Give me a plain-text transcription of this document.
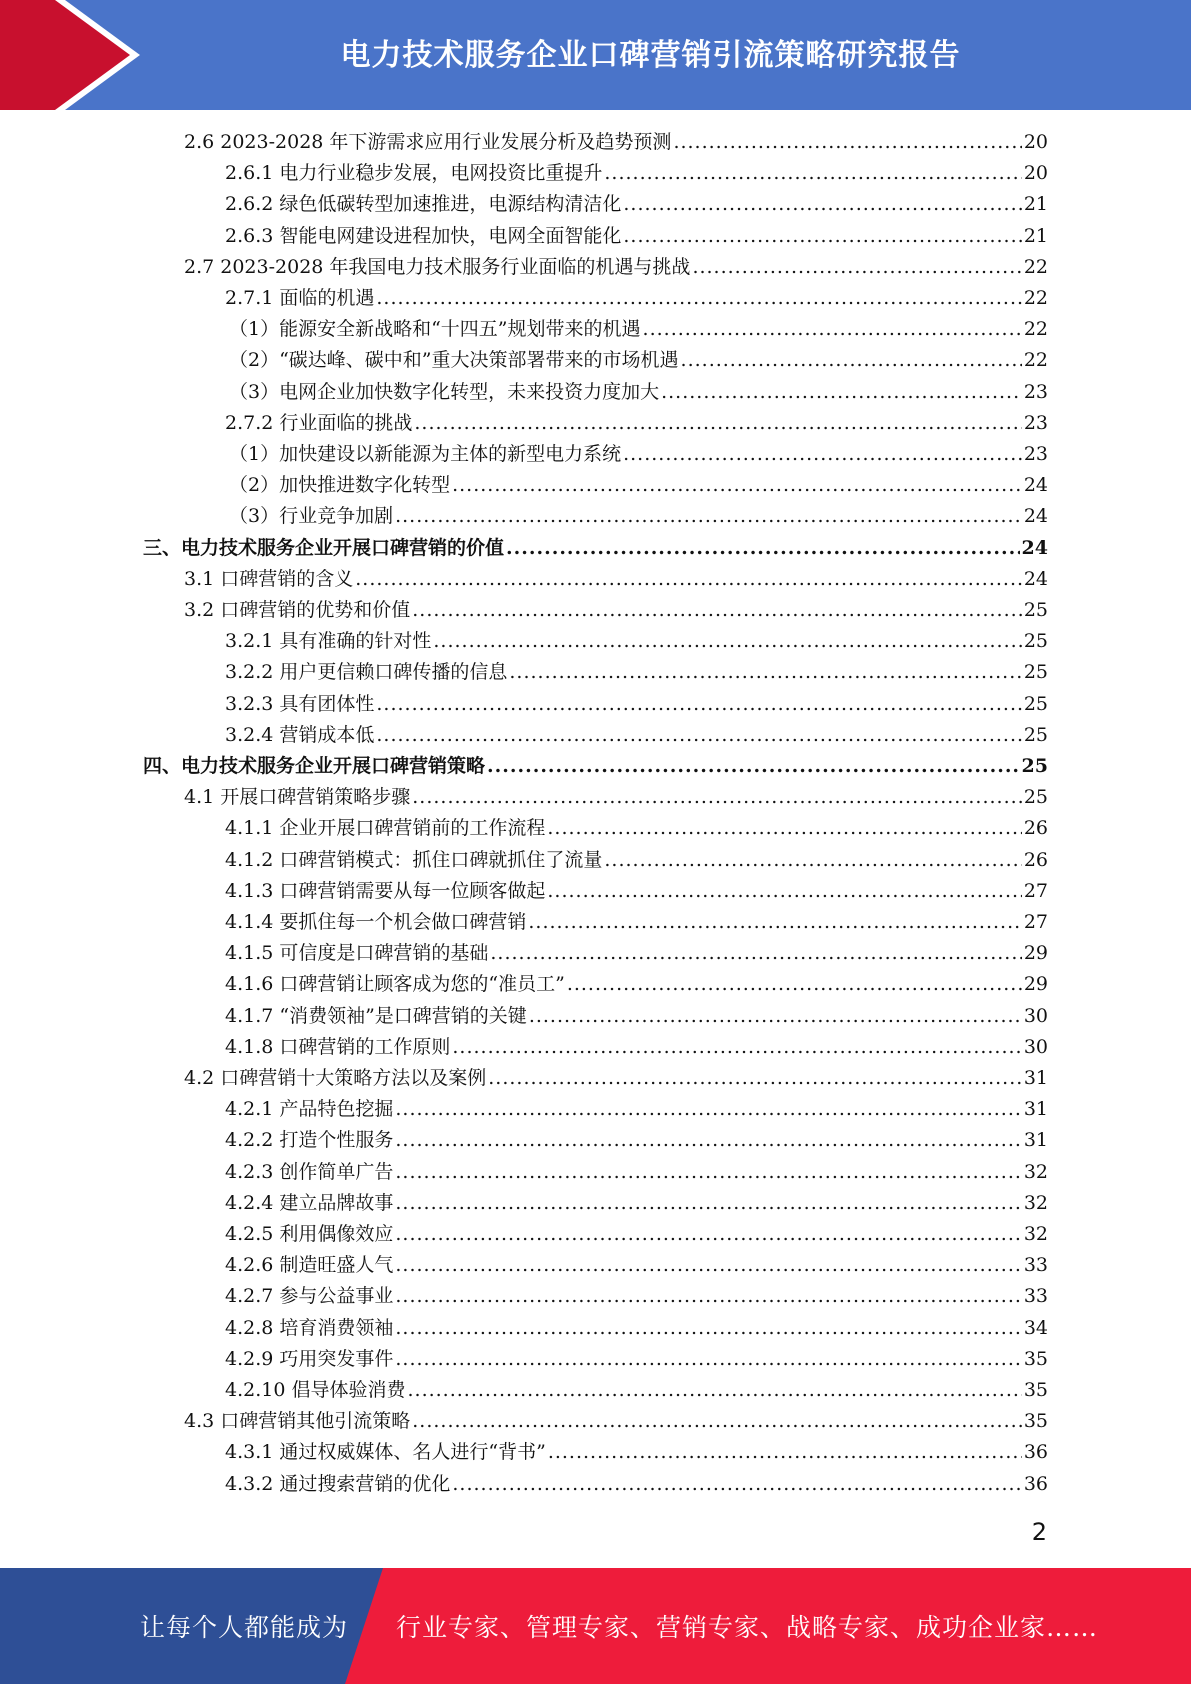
电力技术服务企业口碑营销引流策略研究报告
2.6 2023-2028 年下游需求应用行业发展分析及趋势预测 .....	20
2.6.1 电力行业稳步发展，电网投资比重提升 .....	20
2.6.2 绿色低碳转型加速推进，电源结构清洁化 .....	21
2.6.3 智能电网建设进程加快，电网全面智能化 .....	21
2.7 2023-2028 年我国电力技术服务行业面临的机遇与挑战 .....	22
2.7.1 面临的机遇 .....	22
（1）能源安全新战略和“十四五”规划带来的机遇 .....	22
（2）“碳达峰、碳中和”重大决策部署带来的市场机遇 .....	22
（3）电网企业加快数字化转型，未来投资力度加大 .....	23
2.7.2 行业面临的挑战 .....	23
（1）加快建设以新能源为主体的新型电力系统 .....	23
（2）加快推进数字化转型 .....	24
（3）行业竞争加剧 .....	24
三、电力技术服务企业开展口碑营销的价值 .....	24
3.1 口碑营销的含义 .....	24
3.2 口碑营销的优势和价值 .....	25
3.2.1 具有准确的针对性 .....	25
3.2.2 用户更信赖口碑传播的信息 .....	25
3.2.3 具有团体性 .....	25
3.2.4 营销成本低 .....	25
四、电力技术服务企业开展口碑营销策略 .....	25
4.1 开展口碑营销策略步骤 .....	25
4.1.1 企业开展口碑营销前的工作流程 .....	26
4.1.2 口碑营销模式：抓住口碑就抓住了流量 .....	26
4.1.3 口碑营销需要从每一位顾客做起 .....	27
4.1.4 要抓住每一个机会做口碑营销 .....	27
4.1.5 可信度是口碑营销的基础 .....	29
4.1.6 口碑营销让顾客成为您的“准员工” .....	29
4.1.7 “消费领袖”是口碑营销的关键 .....	30
4.1.8 口碑营销的工作原则 .....	30
4.2 口碑营销十大策略方法以及案例 .....	31
4.2.1 产品特色挖掘 .....	31
4.2.2 打造个性服务 .....	31
4.2.3 创作简单广告 .....	32
4.2.4 建立品牌故事 .....	32
4.2.5 利用偶像效应 .....	32
4.2.6 制造旺盛人气 .....	33
4.2.7 参与公益事业 .....	33
4.2.8 培育消费领袖 .....	34
4.2.9 巧用突发事件 .....	35
4.2.10 倡导体验消费 .....	35
4.3 口碑营销其他引流策略 .....	35
4.3.1 通过权威媒体、名人进行“背书” .....	36
4.3.2 通过搜索营销的优化 .....	36
2
让每个人都能成为 行业专家、管理专家、营销专家、战略专家、成功企业家……
